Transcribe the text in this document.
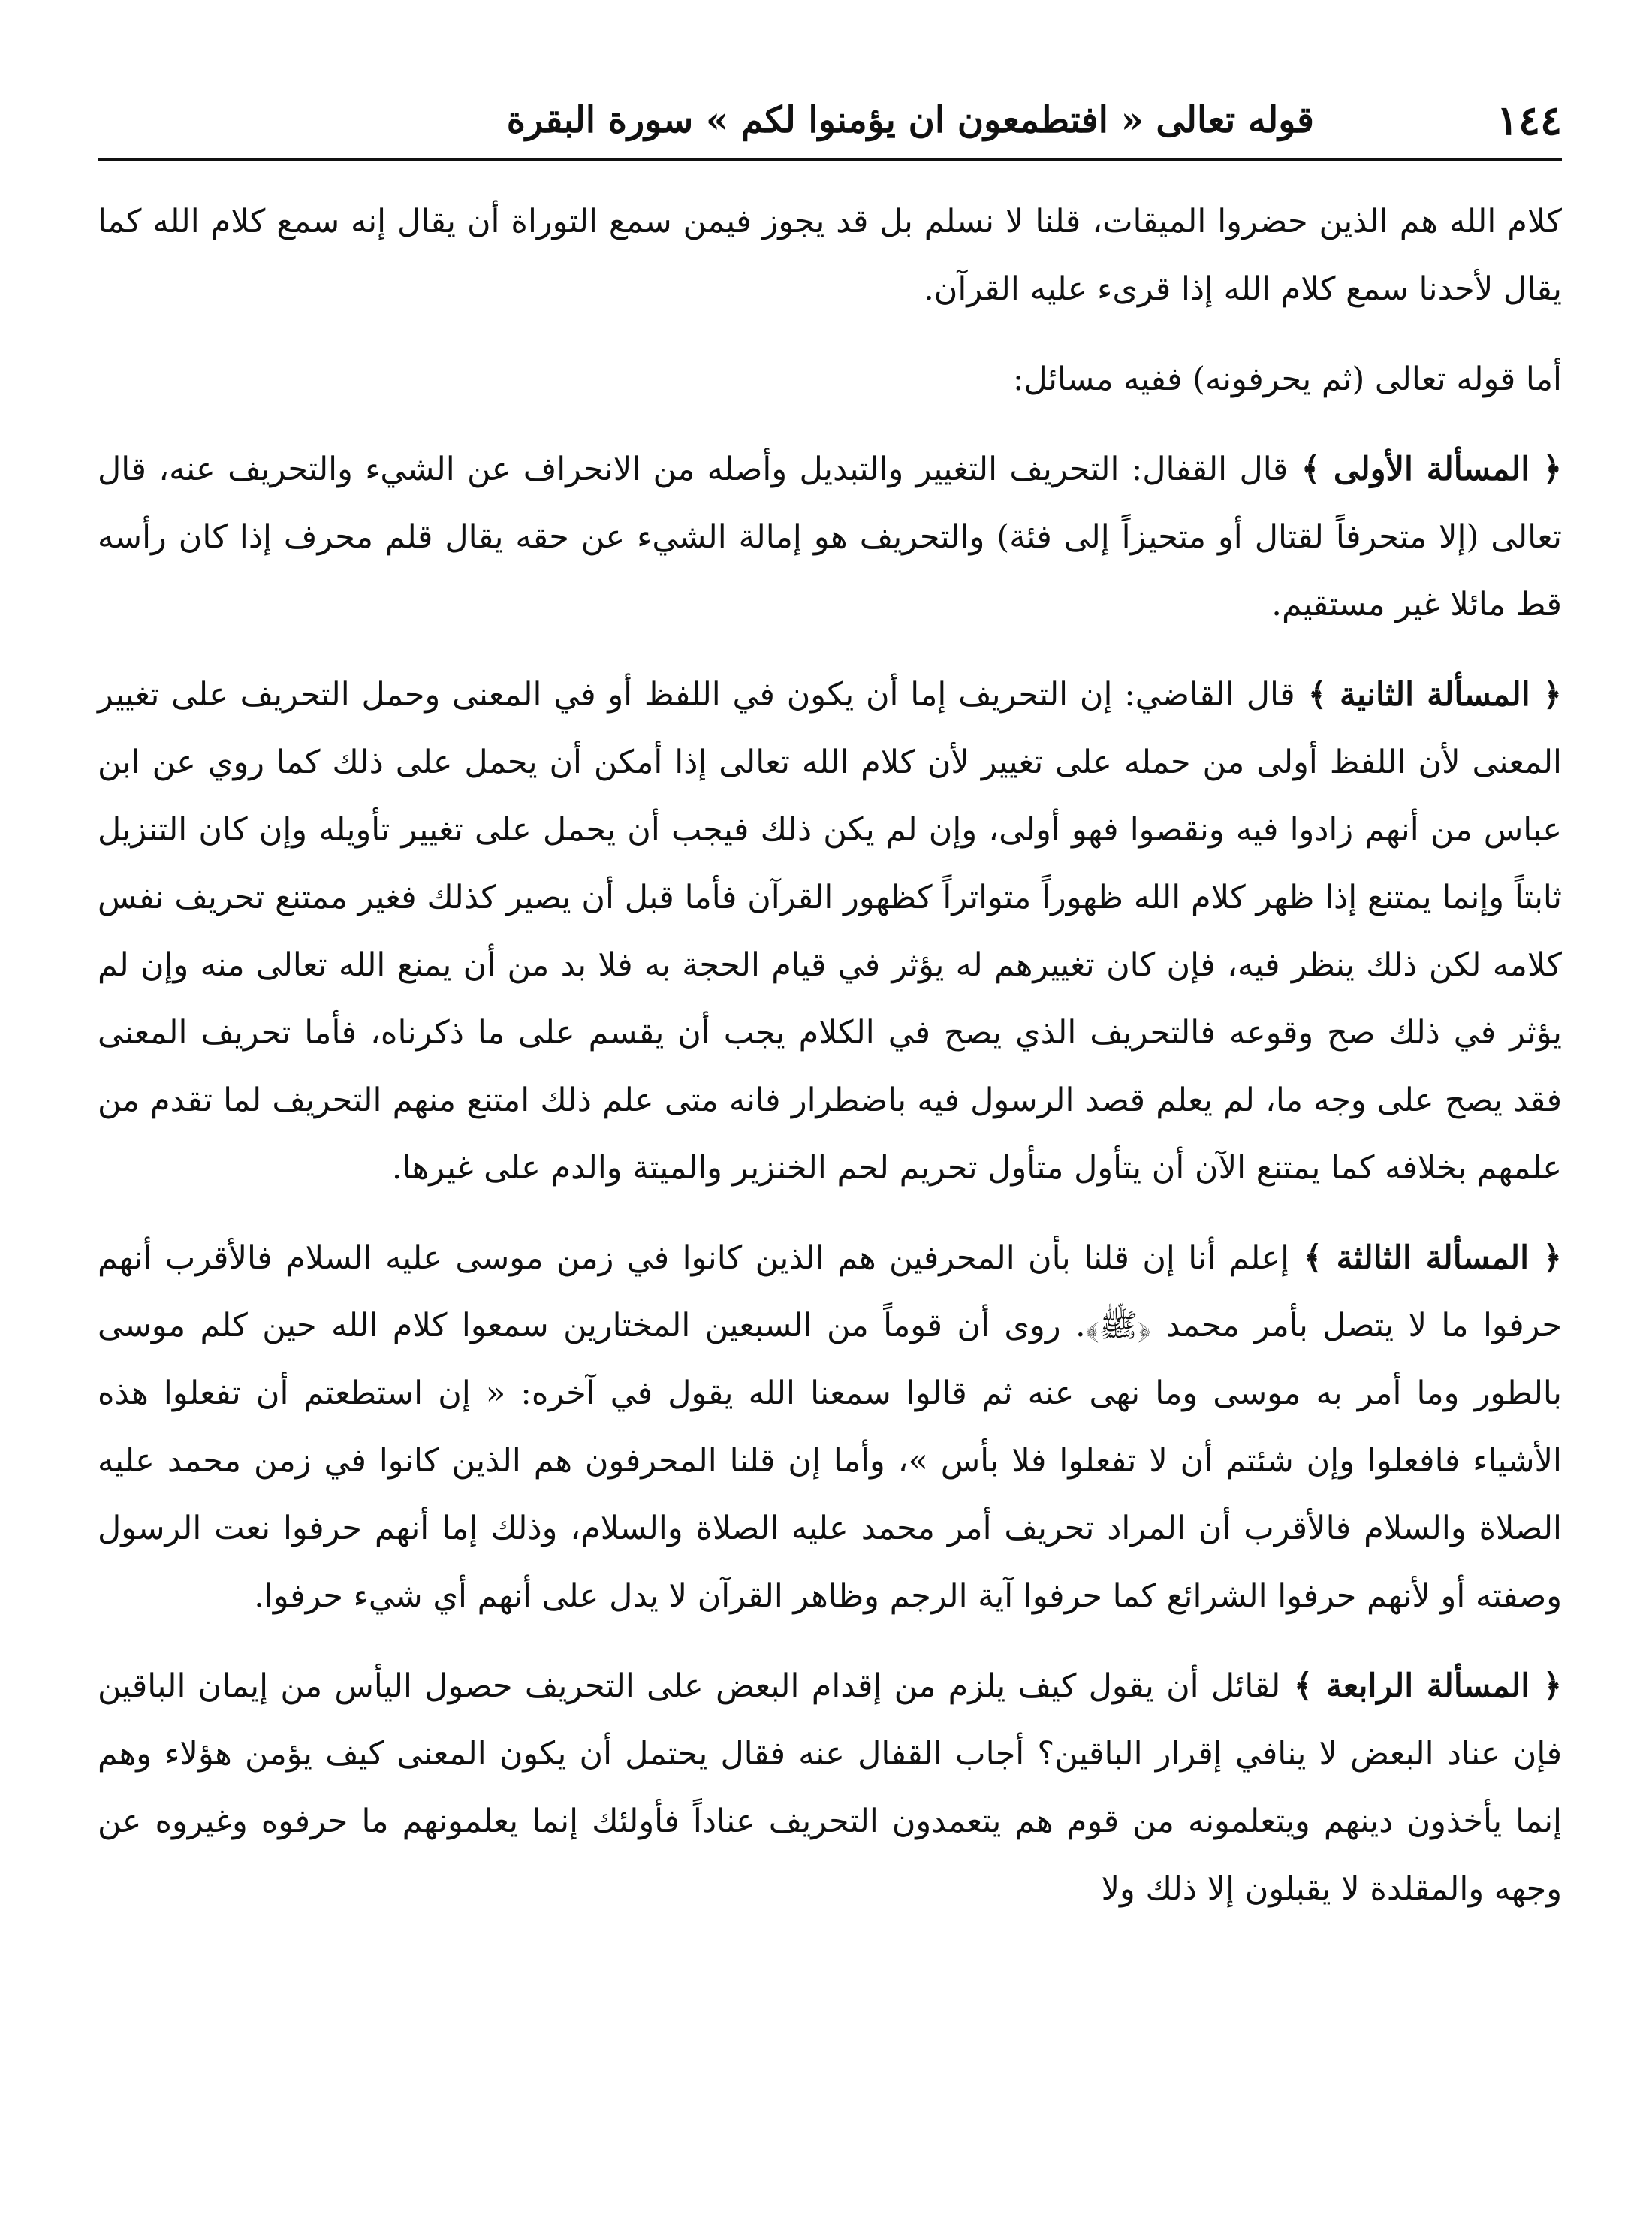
١٤٤
قوله تعالى « افتطمعون ان يؤمنوا لكم » سورة البقرة

كلام الله هم الذين حضروا الميقات، قلنا لا نسلم بل قد يجوز فيمن سمع التوراة أن يقال إنه سمع كلام الله كما يقال لأحدنا سمع كلام الله إذا قرىء عليه القرآن.

أما قوله تعالى (ثم يحرفونه) ففيه مسائل:

﴿ المسألة الأولى ﴾ قال القفال: التحريف التغيير والتبديل وأصله من الانحراف عن الشيء والتحريف عنه، قال تعالى (إلا متحرفاً لقتال أو متحيزاً إلى فئة) والتحريف هو إمالة الشيء عن حقه يقال قلم محرف إذا كان رأسه قط مائلا غير مستقيم.

﴿ المسألة الثانية ﴾ قال القاضي: إن التحريف إما أن يكون في اللفظ أو في المعنى وحمل التحريف على تغيير المعنى لأن اللفظ أولى من حمله على تغيير لأن كلام الله تعالى إذا أمكن أن يحمل على ذلك كما روي عن ابن عباس من أنهم زادوا فيه ونقصوا فهو أولى، وإن لم يكن ذلك فيجب أن يحمل على تغيير تأويله وإن كان التنزيل ثابتاً وإنما يمتنع إذا ظهر كلام الله ظهوراً متواتراً كظهور القرآن فأما قبل أن يصير كذلك فغير ممتنع تحريف نفس كلامه لكن ذلك ينظر فيه، فإن كان تغييرهم له يؤثر في قيام الحجة به فلا بد من أن يمنع الله تعالى منه وإن لم يؤثر في ذلك صح وقوعه فالتحريف الذي يصح في الكلام يجب أن يقسم على ما ذكرناه، فأما تحريف المعنى فقد يصح على وجه ما، لم يعلم قصد الرسول فيه باضطرار فانه متى علم ذلك امتنع منهم التحريف لما تقدم من علمهم بخلافه كما يمتنع الآن أن يتأول متأول تحريم لحم الخنزير والميتة والدم على غيرها.

﴿ المسألة الثالثة ﴾ إعلم أنا إن قلنا بأن المحرفين هم الذين كانوا في زمن موسى عليه السلام فالأقرب أنهم حرفوا ما لا يتصل بأمر محمد ﴿ﷺ﴾. روى أن قوماً من السبعين المختارين سمعوا كلام الله حين كلم موسى بالطور وما أمر به موسى وما نهى عنه ثم قالوا سمعنا الله يقول في آخره: « إن استطعتم أن تفعلوا هذه الأشياء فافعلوا وإن شئتم أن لا تفعلوا فلا بأس »، وأما إن قلنا المحرفون هم الذين كانوا في زمن محمد عليه الصلاة والسلام فالأقرب أن المراد تحريف أمر محمد عليه الصلاة والسلام، وذلك إما أنهم حرفوا نعت الرسول وصفته أو لأنهم حرفوا الشرائع كما حرفوا آية الرجم وظاهر القرآن لا يدل على أنهم أي شيء حرفوا.

﴿ المسألة الرابعة ﴾ لقائل أن يقول كيف يلزم من إقدام البعض على التحريف حصول اليأس من إيمان الباقين فإن عناد البعض لا ينافي إقرار الباقين؟ أجاب القفال عنه فقال يحتمل أن يكون المعنى كيف يؤمن هؤلاء وهم إنما يأخذون دينهم ويتعلمونه من قوم هم يتعمدون التحريف عناداً فأولئك إنما يعلمونهم ما حرفوه وغيروه عن وجهه والمقلدة لا يقبلون إلا ذلك ولا
